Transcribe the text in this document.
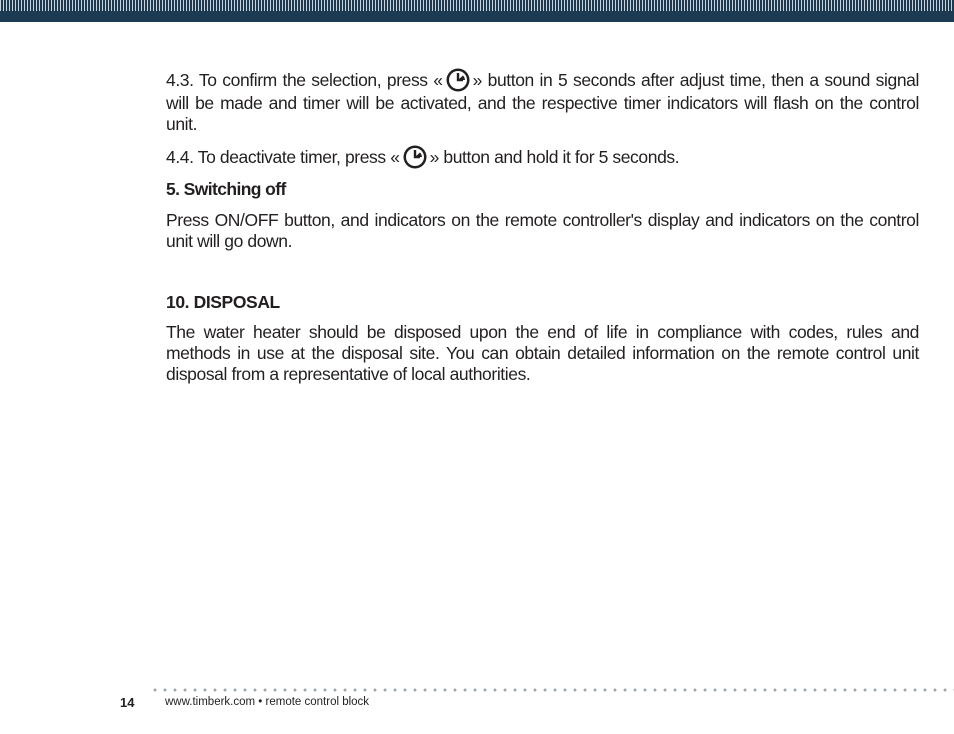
4.3. To confirm the selection, press « » button in 5 seconds after adjust time, then a sound signal will be made and timer will be activated, and the respective timer indicators will flash on the control unit.

4.4. To deactivate timer, press « » button and hold it for 5 seconds.

5. Switching off

Press ON/OFF button, and indicators on the remote controller's display and indicators on the control unit will go down.

10. DISPOSAL

The water heater should be disposed upon the end of life in compliance with codes, rules and methods in use at the disposal site. You can obtain detailed information on the remote control unit disposal from a representative of local authorities.

14	www.timberk.com • remote control block
